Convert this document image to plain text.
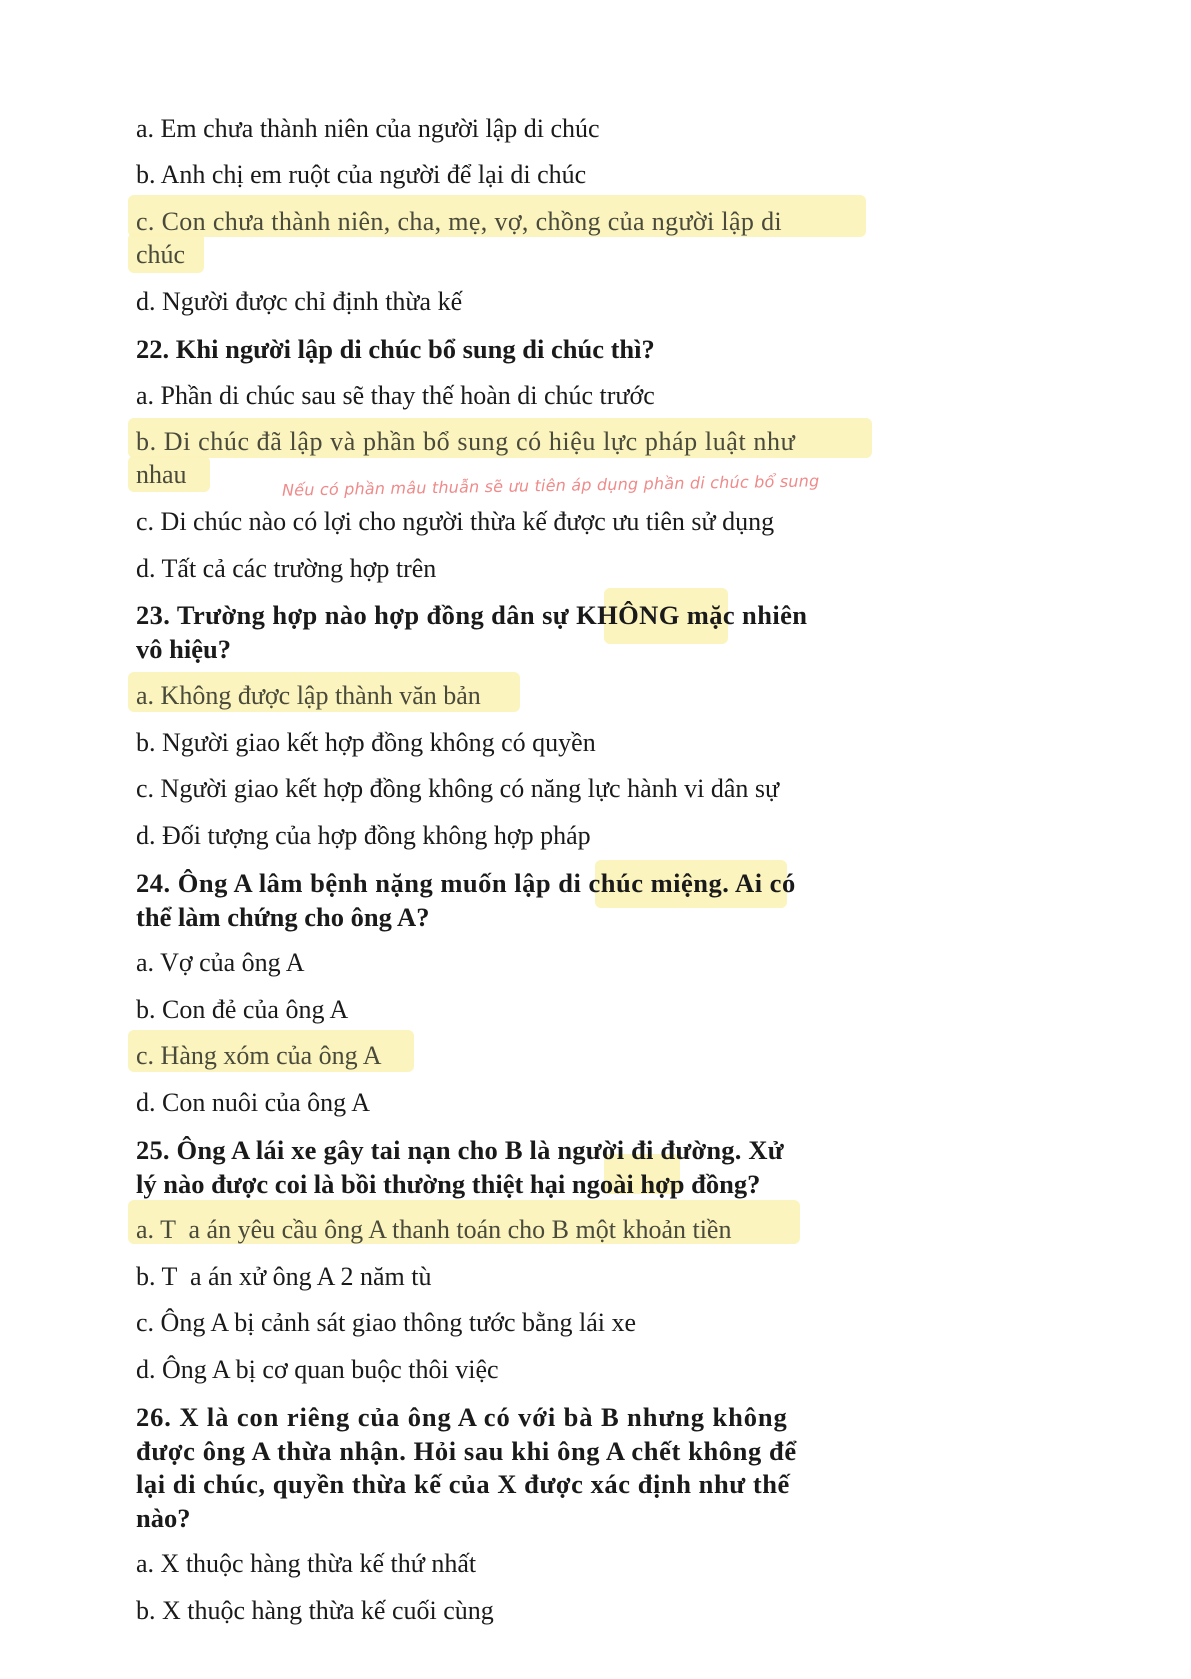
a. Em chưa thành niên của người lập di chúc
b. Anh chị em ruột của người để lại di chúc
c. Con chưa thành niên, cha, mẹ, vợ, chồng của người lập di
chúc
d. Người được chỉ định thừa kế
22. Khi người lập di chúc bổ sung di chúc thì?
a. Phần di chúc sau sẽ thay thế hoàn di chúc trước
b. Di chúc đã lập và phần bổ sung có hiệu lực pháp luật như
nhau	Nếu có phần mâu thuẫn sẽ ưu tiên áp dụng phần di chúc bổ sung
c. Di chúc nào có lợi cho người thừa kế được ưu tiên sử dụng
d. Tất cả các trường hợp trên
23. Trường hợp nào hợp đồng dân sự KHÔNG mặc nhiên
vô hiệu?
a. Không được lập thành văn bản
b. Người giao kết hợp đồng không có quyền
c. Người giao kết hợp đồng không có năng lực hành vi dân sự
d. Đối tượng của hợp đồng không hợp pháp
24. Ông A lâm bệnh nặng muốn lập di chúc miệng. Ai có
thể làm chứng cho ông A?
a. Vợ của ông A
b. Con đẻ của ông A
c. Hàng xóm của ông A
d. Con nuôi của ông A
25. Ông A lái xe gây tai nạn cho B là người đi đường. Xử
lý nào được coi là bồi thường thiệt hại ngoài hợp đồng?
a. T  a án yêu cầu ông A thanh toán cho B một khoản tiền
b. T  a án xử ông A 2 năm tù
c. Ông A bị cảnh sát giao thông tước bằng lái xe
d. Ông A bị cơ quan buộc thôi việc
26. X là con riêng của ông A có với bà B nhưng không
được ông A thừa nhận. Hỏi sau khi ông A chết không để
lại di chúc, quyền thừa kế của X được xác định như thế
nào?
a. X thuộc hàng thừa kế thứ nhất
b. X thuộc hàng thừa kế cuối cùng
